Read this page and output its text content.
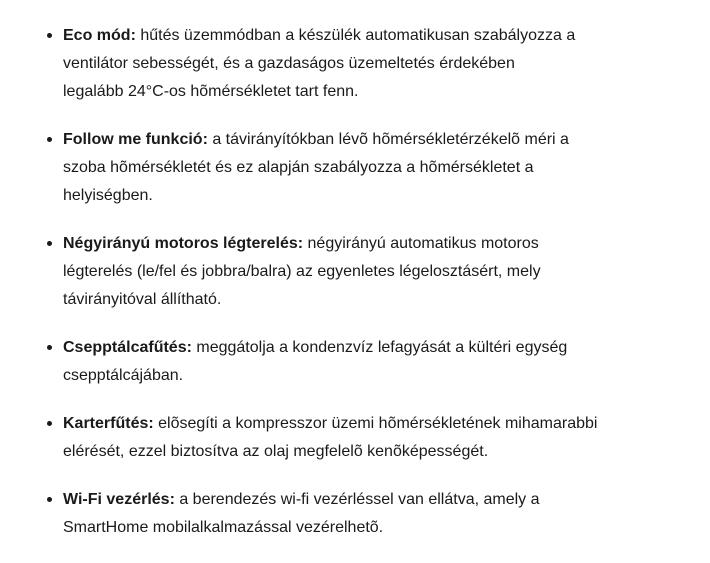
Eco mód: hűtés üzemmódban a készülék automatikusan szabályozza a
ventilátor sebességét, és a gazdaságos üzemeltetés érdekében
legalább 24°C-os hõmérsékletet tart fenn.
Follow me funkció: a távirányítókban lévõ hõmérsékletérzékelõ méri a
szoba hõmérsékletét és ez alapján szabályozza a hõmérsékletet a
helyiségben.
Négyirányú motoros légterelés: négyirányú automatikus motoros
légterelés (le/fel és jobbra/balra) az egyenletes légelosztásért, mely
távirányitóval állítható.
Csepptálcafűtés: meggátolja a kondenzvíz lefagyását a kültéri egység
csepptálcájában.
Karterfűtés: elõsegíti a kompresszor üzemi hõmérsékletének mihamarabbi
elérését, ezzel biztosítva az olaj megfelelõ kenõképességét.
Wi-Fi vezérlés: a berendezés wi-fi vezérléssel van ellátva, amely a
SmartHome mobilalkalmazással vezérelhetõ.
